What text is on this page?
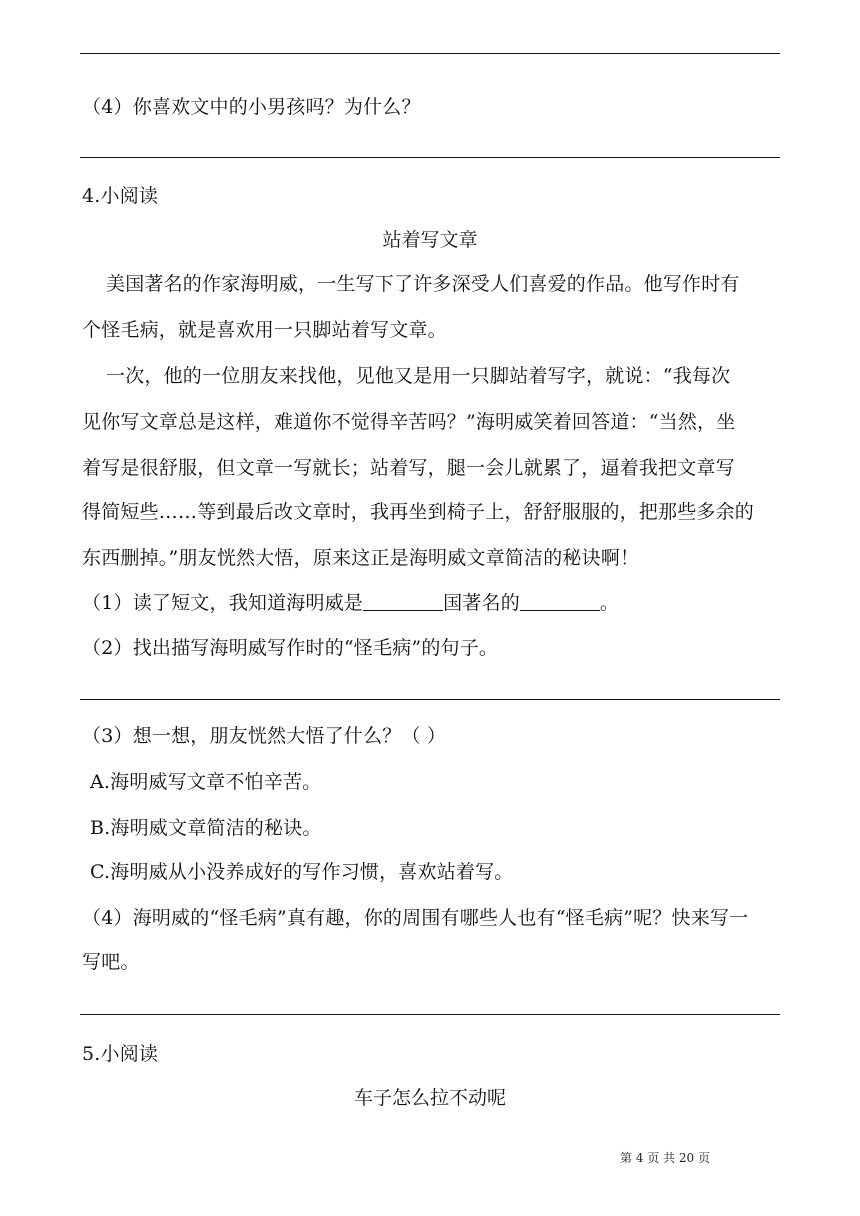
（4）你喜欢文中的小男孩吗？为什么？
4.小阅读
站着写文章
美国著名的作家海明威，一生写下了许多深受人们喜爱的作品。他写作时有
个怪毛病，就是喜欢用一只脚站着写文章。
一次，他的一位朋友来找他，见他又是用一只脚站着写字，就说：“我每次
见你写文章总是这样，难道你不觉得辛苦吗？”海明威笑着回答道：“当然，坐
着写是很舒服，但文章一写就长；站着写，腿一会儿就累了，逼着我把文章写
得简短些……等到最后改文章时，我再坐到椅子上，舒舒服服的，把那些多余的
东西删掉。”朋友恍然大悟，原来这正是海明威文章简洁的秘诀啊！
（1）读了短文，我知道海明威是	国著名的	。
（2）找出描写海明威写作时的“怪毛病”的句子。
（3）想一想，朋友恍然大悟了什么？（ ）
A.海明威写文章不怕辛苦。
B.海明威文章简洁的秘诀。
C.海明威从小没养成好的写作习惯，喜欢站着写。
（4）海明威的“怪毛病”真有趣，你的周围有哪些人也有“怪毛病”呢？快来写一
写吧。
5.小阅读
车子怎么拉不动呢
第 4 页 共 20 页
